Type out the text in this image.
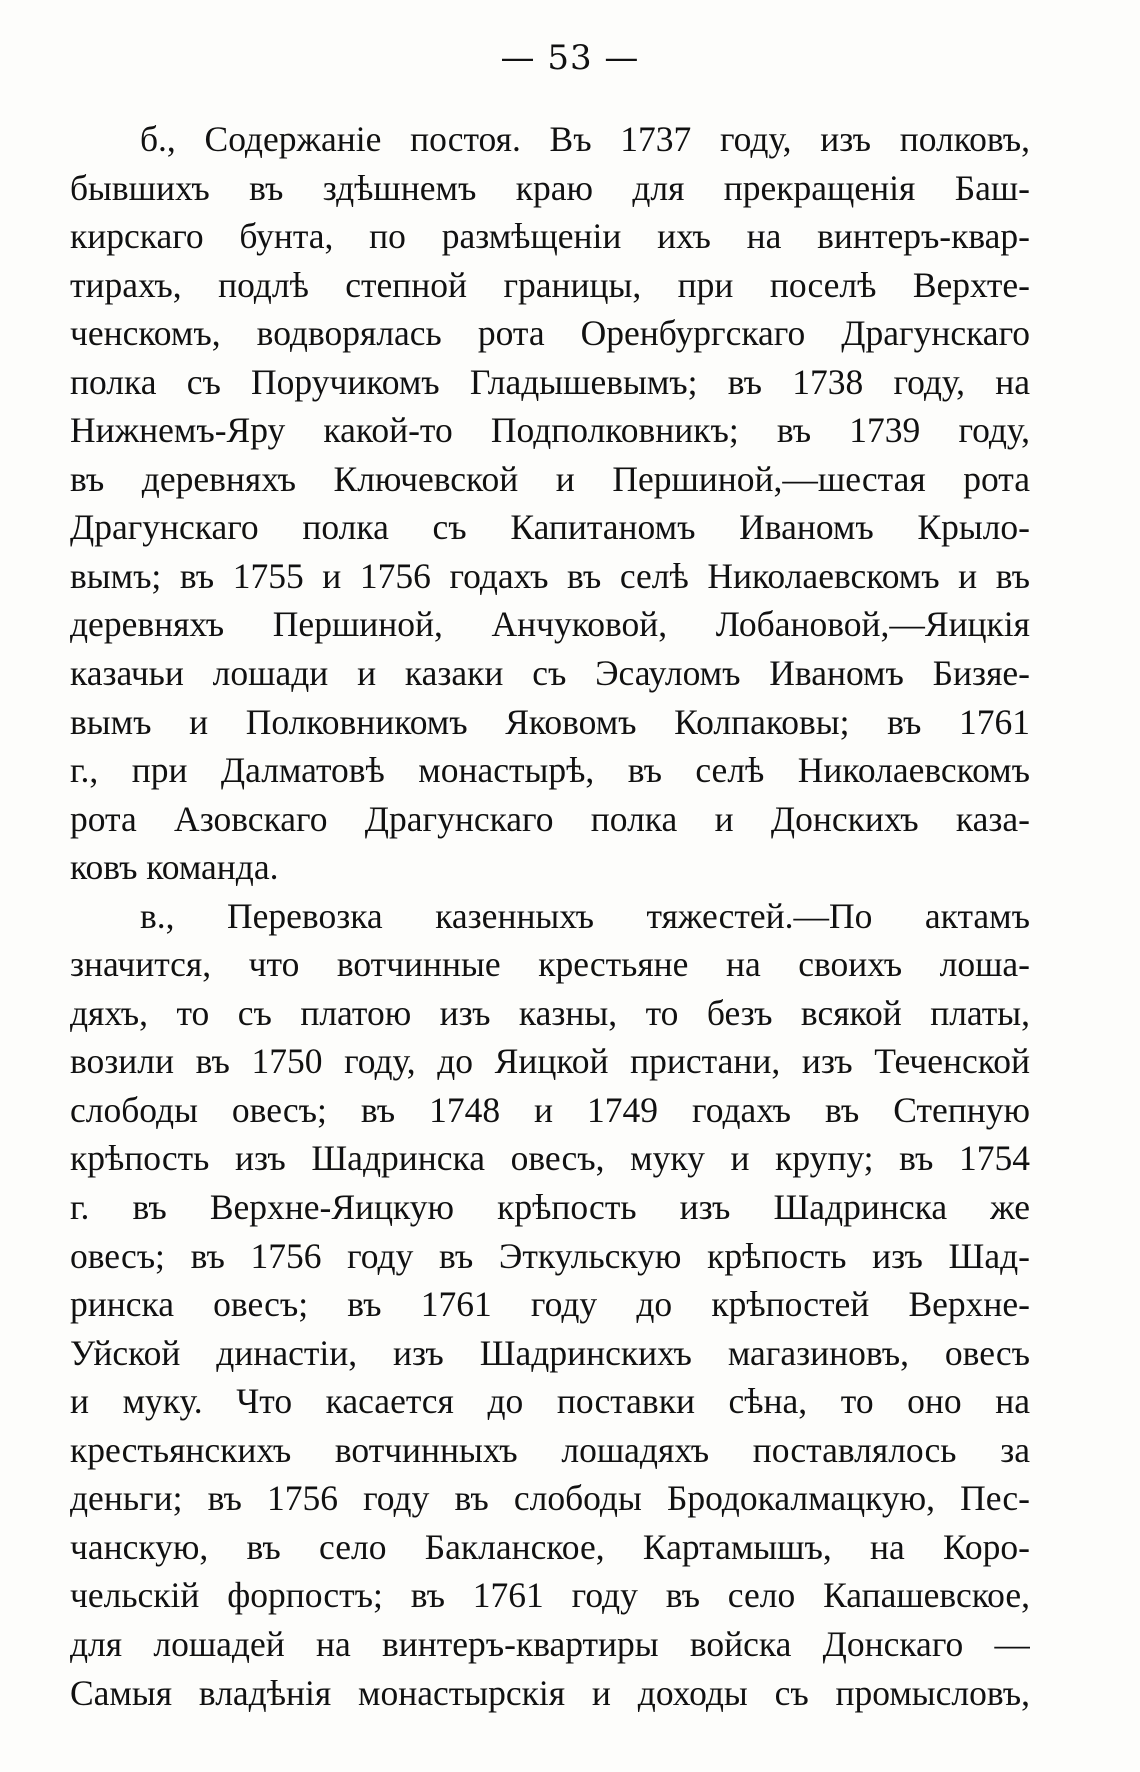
— 53 —
б., Содержаніе постоя. Въ 1737 году, изъ полковъ,
бывшихъ въ здѣшнемъ краю для прекращенія Баш-
кирскаго бунта, по размѣщеніи ихъ на винтеръ-квар-
тирахъ, подлѣ степной границы, при поселѣ Верхте-
ченскомъ, водворялась рота Оренбургскаго Драгунскаго
полка съ Поручикомъ Гладышевымъ; въ 1738 году, на
Нижнемъ-Яру какой-то Подполковникъ; въ 1739 году,
въ деревняхъ Ключевской и Першиной,—шестая рота
Драгунскаго полка съ Капитаномъ Иваномъ Крыло-
вымъ; въ 1755 и 1756 годахъ въ селѣ Николаевскомъ и въ
деревняхъ Першиной, Анчуковой, Лобановой,—Яицкія
казачьи лошади и казаки съ Эсауломъ Иваномъ Бизяе-
вымъ и Полковникомъ Яковомъ Колпаковы; въ 1761
г., при Далматовѣ монастырѣ, въ селѣ Николаевскомъ
рота Азовскаго Драгунскаго полка и Донскихъ каза-
ковъ команда.
в., Перевозка казенныхъ тяжестей.—По актамъ
значится, что вотчинные крестьяне на своихъ лоша-
дяхъ, то съ платою изъ казны, то безъ всякой платы,
возили въ 1750 году, до Яицкой пристани, изъ Теченской
слободы овесъ; въ 1748 и 1749 годахъ въ Степную
крѣпость изъ Шадринска овесъ, муку и крупу; въ 1754
г. въ Верхне-Яицкую крѣпость изъ Шадринска же
овесъ; въ 1756 году въ Эткульскую крѣпость изъ Шад-
ринска овесъ; въ 1761 году до крѣпостей Верхне-
Уйской династіи, изъ Шадринскихъ магазиновъ, овесъ
и муку. Что касается до поставки сѣна, то оно на
крестьянскихъ вотчинныхъ лошадяхъ поставлялось за
деньги; въ 1756 году въ слободы Бродокалмацкую, Пес-
чанскую, въ село Бакланское, Картамышъ, на Коро-
чельскій форпостъ; въ 1761 году въ село Капашевское,
для лошадей на винтеръ-квартиры войска Донскаго —
Самыя владѣнія монастырскія и доходы съ промысловъ,
